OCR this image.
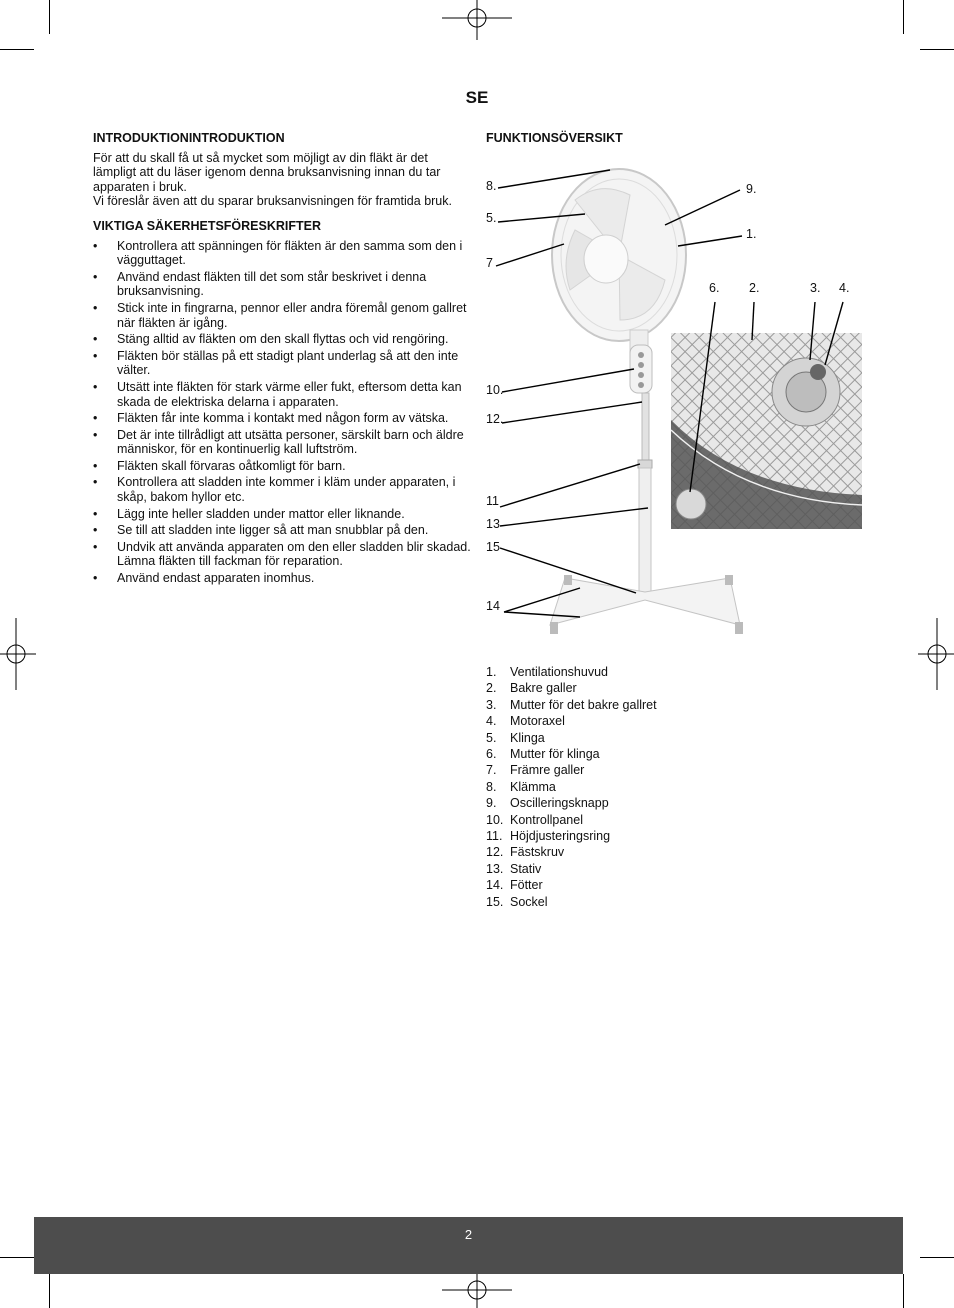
SE
INTRODUKTIONINTRODUKTION
För att du skall få ut så mycket som möjligt av din fläkt är det
lämpligt att du läser igenom denna bruksanvisning innan du tar
apparaten i bruk.
Vi föreslår även att du sparar bruksanvisningen för framtida bruk.
VIKTIGA SÄKERHETSFÖRESKRIFTER
• Kontrollera att spänningen för fläkten är den samma som den i vägguttaget.
• Använd endast fläkten till det som står beskrivet i denna bruksanvisning.
• Stick inte in fingrarna, pennor eller andra föremål genom gallret när fläkten är igång.
• Stäng alltid av fläkten om den skall flyttas och vid rengöring.
• Fläkten bör ställas på ett stadigt plant underlag så att den inte välter.
• Utsätt inte fläkten för stark värme eller fukt, eftersom detta kan skada de elektriska delarna i apparaten.
• Fläkten får inte komma i kontakt med någon form av vätska.
• Det är inte tillrådligt att utsätta personer, särskilt barn och äldre människor, för en kontinuerlig kall luftström.
• Fläkten skall förvaras oåtkomligt för barn.
• Kontrollera att sladden inte kommer i kläm under apparaten, i skåp, bakom hyllor etc.
• Lägg inte heller sladden under mattor eller liknande.
• Se till att sladden inte ligger så att man snubblar på den.
• Undvik att använda apparaten om den eller sladden blir skadad. Lämna fläkten till fackman för reparation.
• Använd endast apparaten inomhus.
FUNKTIONSÖVERSIKT
8.	9.
5.
1.
7
6. 2.	3. 4.
10.
12.
11
13
15
14
1.	Ventilationshuvud
2.	Bakre galler
3.	Mutter för det bakre gallret
4.	Motoraxel
5.	Klinga
6.	Mutter för klinga
7.	Främre galler
8.	Klämma
9.	Oscilleringsknapp
10. Kontrollpanel
11. Höjdjusteringsring
12. Fästskruv
13. Stativ
14. Fötter
15. Sockel
2
